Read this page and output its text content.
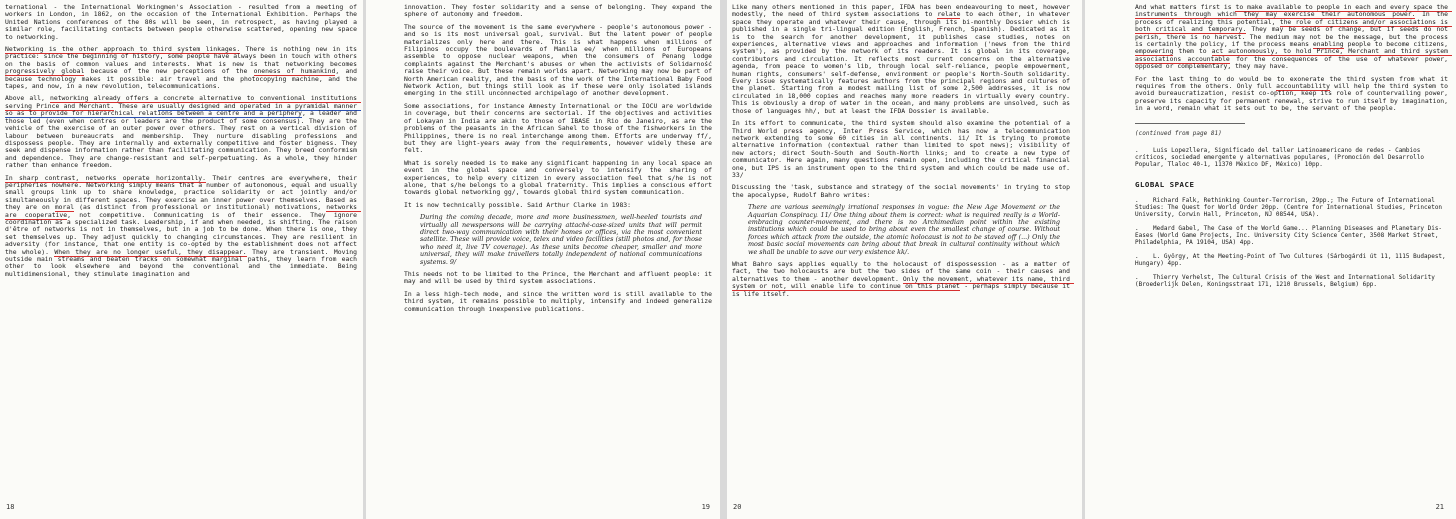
ternational - the International Workingmen's Association - resulted from a meeting of workers in London, in 1862, on the occasion of the International Exhibition. Perhaps the United Nations conferences of the 80s will be seen, in retrospect, as having played a similar role, facilitating contacts between people otherwise scattered, opening new space to networking.

Networking is the other approach to third system linkages. There is nothing new in its practice: since the beginning of history, some people have always been in touch with others on the basis of common values and interests. What is new is that networking becomes progressively global because of the new perceptions of the oneness of humankind, and because technology makes it possible: air travel and the photocopying machine, and the tapes, and now, in a new revolution, telecommunications.

Above all, networking already offers a concrete alternative to conventional institutions serving Prince and Merchant. These are usually designed and operated in a pyramidal manner so as to provide for hierarchical relations between a centre and a periphery, a leader and those led (even when centres or leaders are the product of some consensus). They are the vehicle of the exercise of an outer power over others. They rest on a vertical division of labour between bureaucrats and membership. They nurture disabling professions and dispossess people. They are internally and externally competitive and foster bigness. They seek and dispense information rather than facilitating communication. They breed conformism and dependence. They are change-resistant and self-perpetuating. As a whole, they hinder rather than enhance freedom.

In sharp contrast, networks operate horizontally. Their centres are everywhere, their peripheries nowhere. Networking simply means that a number of autonomous, equal and usually small groups link up to share knowledge, practice solidarity or act jointly and/or simultaneously in different spaces. They exercise an inner power over themselves. Based as they are on moral (as distinct from professional or institutional) motivations, networks are cooperative, not competitive. Communicating is of their essence. They ignore coordination as a specialized task. Leadership, if and when needed, is shifting. The raison d'être of networks is not in themselves, but in a job to be done. When there is one, they set themselves up. They adjust quickly to changing circumstances. They are resilient in adversity (for instance, that one entity is co-opted by the establishment does not affect the whole). When they are no longer useful, they disappear. They are transient. Moving outside main streams and beaten tracks on somewhat marginal paths, they learn from each other to look elsewhere and beyond the conventional and the immediate. Being multidimensional, they stimulate imagination and

18

innovation. They foster solidarity and a sense of belonging. They expand the sphere of autonomy and freedom.

The source of the movement is the same everywhere - people's autonomous power - and so is its most universal goal, survival. But the latent power of people materializes only here and there. This is what happens when millions of Filipinos occupy the boulevards of Manila ee/ when millions of Europeans assemble to oppose nuclear weapons, when the consumers of Penang lodge complaints against the Merchant's abuses or when the activists of Solidarność raise their voice. But these remain worlds apart. Networking may now be part of North American reality, and the basis of the work of the International Baby Food Network Action, but things still look as if these were only isolated islands emerging in the still unconnected archipelago of another development.

Some associations, for instance Amnesty International or the IOCU are worldwide in coverage, but their concerns are sectorial. If the objectives and activities of Lokayan in India are akin to those of IBASE in Rio de Janeiro, as are the problems of the peasants in the African Sahel to those of the fishworkers in the Philippines, there is no real interchange among them. Efforts are underway ff/, but they are light-years away from the requirements, however widely these are felt.

What is sorely needed is to make any significant happening in any local space an event in the global space and conversely to intensify the sharing of experiences, to help every citizen in every association feel that s/he is not alone, that s/he belongs to a global fraternity. This implies a conscious effort towards global networking gg/, towards global third system communication.

It is now technically possible. Said Arthur Clarke in 1983:

During the coming decade, more and more businessmen, well-heeled tourists and virtually all newspersons will be carrying attaché-case-sized units that will permit direct two-way communication with their homes or offices, via the most convenient satellite. These will provide voice, telex and video facilities (still photos and, for those who need it, live TV coverage). As these units become cheaper, smaller and more universal, they will make travellers totally independent of national communications systems. 9/

This needs not to be limited to the Prince, the Merchant and affluent people: it may and will be used by third system associations.

In a less high-tech mode, and since the written word is still available to the third system, it remains possible to multiply, intensify and indeed generalize communication through inexpensive publications.

19

Like many others mentioned in this paper, IFDA has been endeavouring to meet, however modestly, the need of third system associations to relate to each other, in whatever space they operate and whatever their cause, through its bi-monthly Dossier which is published in a single tri-lingual edition (English, French, Spanish). Dedicated as it is to the search for another development, it publishes case studies, notes on experiences, alternative views and approaches and information ('news from the third system'), as provided by the network of its readers. It is global in its coverage, contributors and circulation. It reflects most current concerns on the alternative agenda, from peace to women's lib, through local self-reliance, people empowerment, human rights, consumers' self-defense, environment or people's North-South solidarity. Every issue systematically features authors from the principal regions and cultures of the planet. Starting from a modest mailing list of some 2,500 addresses, it is now circulated in 18,000 copies and reaches many more readers in virtually every country. This is obviously a drop of water in the ocean, and many problems are unsolved, such as those of languages hh/, but at least the IFDA Dossier is available.

In its effort to communicate, the third system should also examine the potential of a Third World press agency, Inter Press Service, which has now a telecommunication network extending to some 60 cities in all continents. ii/ It is trying to promote alternative information (contextual rather than limited to spot news); visibility of new actors; direct South-South and South-North links; and to create a new type of communicator. Here again, many questions remain open, including the critical financial one, but IPS is an instrument open to the third system and which could be made use of. 33/

Discussing the 'task, substance and strategy of the social movements' in trying to stop the apocalypse, Rudolf Bahro writes:

There are various seemingly irrational responses in vogue: the New Age Movement or the Aquarian Conspiracy. 11/ One thing about them is correct: what is required really is a World-embracing counter-movement, and there is no Archimedian point within the existing institutions which could be used to bring about even the smallest change of course. Without forces which attack from the outside, the atomic holocaust is not to be staved off (...) Only the most basic social movements can bring about that break in cultural continuity without which we shall be unable to save our very existence kk/.

What Bahro says applies equally to the holocaust of dispossession - as a matter of fact, the two holocausts are but the two sides of the same coin - their causes and alternatives to them - another development. Only the movement, whatever its name, third system or not, will enable life to continue on this planet - perhaps simply because it is life itself.

20

And what matters first is to make available to people in each and every space the instruments through which they may exercise their autonomous power. In the process of realizing this potential, the role of citizens and/or associations is both critical and temporary. They may be seeds of change, but if seeds do not perish, there is no harvest. The medium may not be the message, but the process is certainly the policy, if the process means enabling people to become citizens, empowering them to act autonomously, to hold Prince, Merchant and third system associations accountable for the consequences of the use of whatever power, opposed or complementary, they may have.

For the last thing to do would be to exonerate the third system from what it requires from the others. Only full accountability will help the third system to avoid bureaucratization, resist co-option, keep its role of countervailing power, preserve its capacity for permanent renewal, strive to run itself by imagination, in a word, remain what it sets out to be, the servant of the people.

(continued from page 81)
.    Luis Lopezllera, Significado del taller Latinoamericano de redes - Cambios críticos, sociedad emergente y alternativas populares, (Promoción del Desarrollo Popular, Tlaloc 40-1, 11370 México DF, México) 10pp.
GLOBAL SPACE
.    Richard Falk, Rethinking Counter-Terrorism, 29pp.; The Future of International Studies: The Quest for World Order 20pp. (Centre for International Studies, Princeton University, Corwin Hall, Princeton, NJ 08544, USA).
.    Medard Gabel, The Case of the World Game... Planning Diseases and Planetary Dis-Eases (World Game Projects, Inc. University City Science Center, 3508 Market Street, Philadelphia, PA 19104, USA) 4pp.
.    L. György, At the Meeting-Point of Two Cultures (Sárbogárdi út 11, 1115 Budapest, Hungary) 4pp.
.    Thierry Verhelst, The Cultural Crisis of the West and International Solidarity (Broederlijk Delen, Koningsstraat 171, 1210 Brussels, Belgium) 6pp.
21
